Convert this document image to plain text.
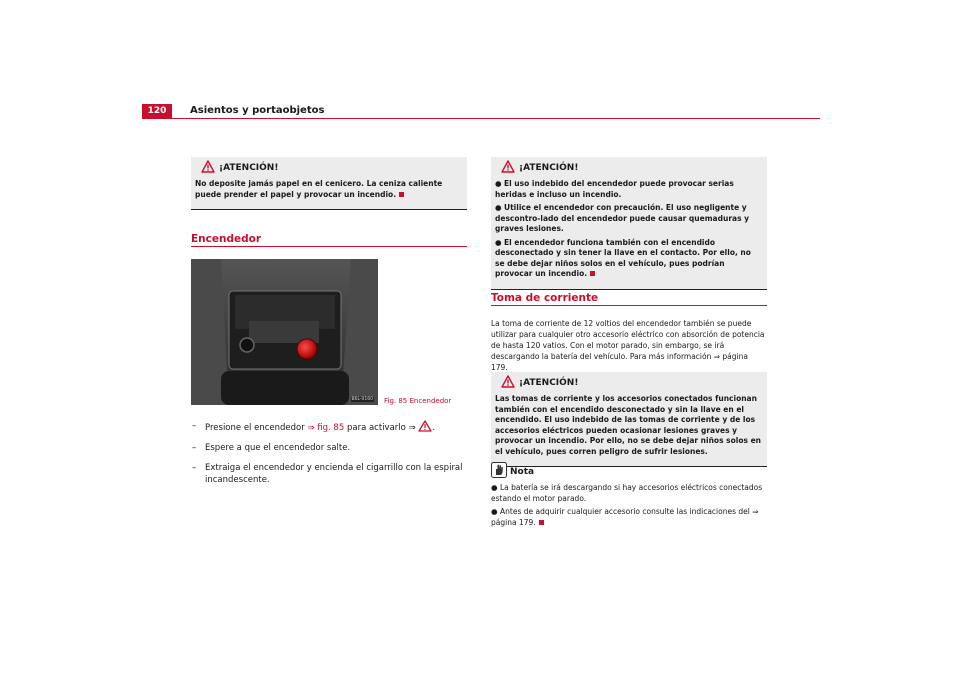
120	Asientos y portaobjetos
¡ATENCIÓN!

No deposite jamás papel en el cenicero. La ceniza caliente puede prender el papel y provocar un incendio.

Encendedor
B6L-0160 Fig. 85 Encendedor
– Presione el encendedor ⇒ fig. 85 para activarlo ⇒ .
– Espere a que el encendedor salte.
– Extraiga el encendedor y encienda el cigarrillo con la espiral incandescente.
¡ATENCIÓN!

● El uso indebido del encendedor puede provocar serias heridas e incluso un incendio.

● Utilice el encendedor con precaución. El uso negligente y descontro-lado del encendedor puede causar quemaduras y graves lesiones.

● El encendedor funciona también con el encendido desconectado y sin tener la llave en el contacto. Por ello, no se debe dejar niños solos en el vehículo, pues podrían provocar un incendio.

Toma de corriente
La toma de corriente de 12 voltios del encendedor también se puede utilizar para cualquier otro accesorio eléctrico con absorción de potencia de hasta 120 vatios. Con el motor parado, sin embargo, se irá descargando la batería del vehículo. Para más información ⇒ página 179.
¡ATENCIÓN!

Las tomas de corriente y los accesorios conectados funcionan también con el encendido desconectado y sin la llave en el encendido. El uso indebido de las tomas de corriente y de los accesorios eléctricos pueden ocasionar lesiones graves y provocar un incendio. Por ello, no se debe dejar niños solos en el vehículo, pues corren peligro de sufrir lesiones.

Nota

● La batería se irá descargando si hay accesorios eléctricos conectados estando el motor parado.

● Antes de adquirir cualquier accesorio consulte las indicaciones del ⇒ página 179.
